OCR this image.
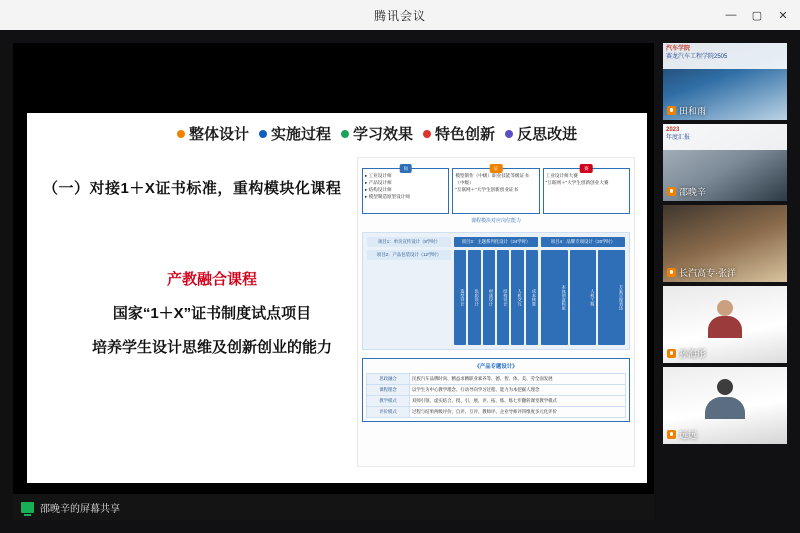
腾讯会议	—	▢	✕
整体设计 实施过程 学习效果 特色创新 反思改进
（一）对接1＋X证书标准，重构模块化课程
产教融合课程
国家“1＋X”证书制度试点项目
培养学生设计思维及创新创业的能力
岗
▸ 工业设计师
▸ 产品设计师
▸ 结构设计师
▸ 模型制造原型设计师
证
模型制作（中级）职业技能等级证书（中级）
“互联网＋”大学生创新创业证书
赛
工业设计师大赛
“互联网＋”大学生创新创业大赛
课程模块对应岗位能力
项目1：单页宣传设计（8学时）
项目2：产品包装设计（12学时）
项目3：主题系列化设计（24学时）
造型设计	色彩设计	材质设计	结构设计	人机交互	成本核算
项目4：品牌专项设计（20学时）
本体创意构思	人机工程	方案呈现表达
《产品专题设计》
思政融合	民族汽车品牌时尚、精益求精职业素养等、德、智、体、美、劳全面发展
课程理念	以学生为中心教学理念、行动导向学习过程、能力为本挖掘人理念
教学模式	双师引领、虚实结合、授、引、展、评、拓、练、练七步翻转课堂教学模式
评价模式	过程与结果两级评价、自评、互评、教师评、企业导师评四维度多元化评价
邵晚辛的屏幕共享
汽车学院
赛龙汽车工程学院2505
田和雨
2023
年度汇报
邵晚辛
长汽高专·张洋
孙海彤
远远
